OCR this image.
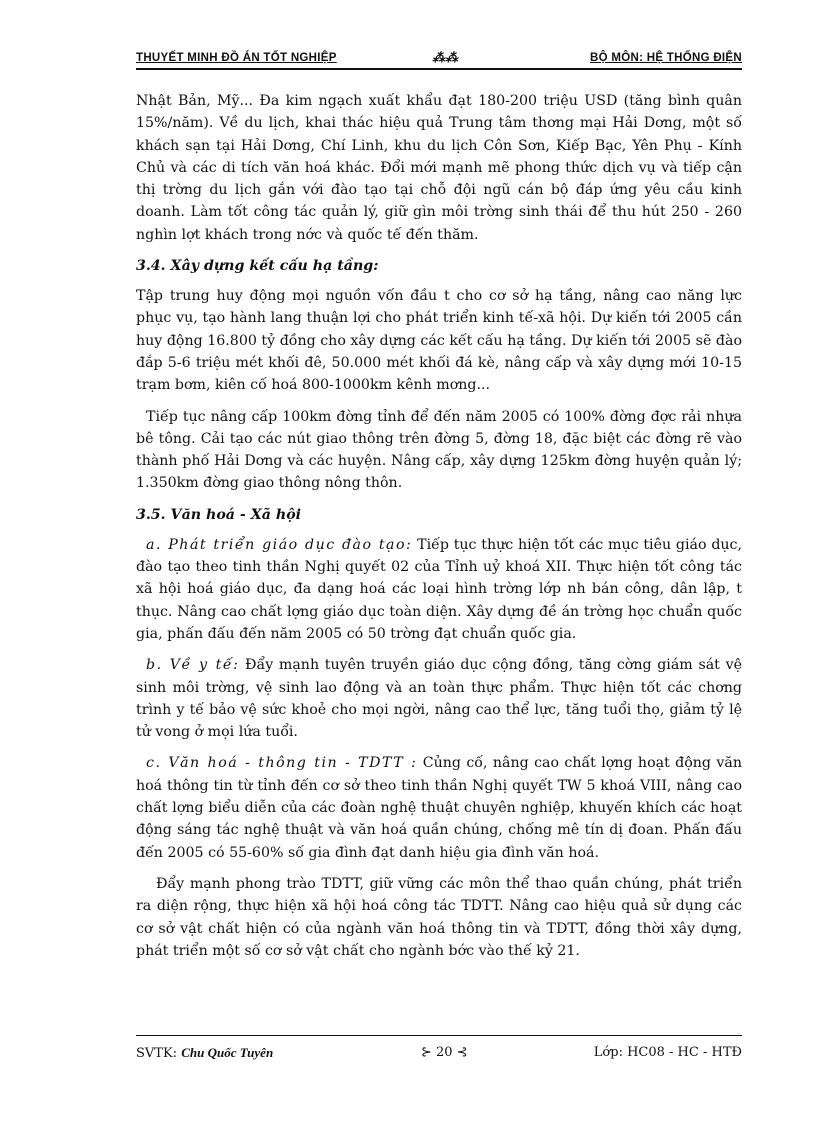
THUYẾT MINH ĐỒ ÁN TỐT NGHIỆP	⁂⁂	BỘ MÔN: HỆ THỐNG ĐIỆN

Nhật Bản, Mỹ... Đa kim ngạch xuất khẩu đạt 180-200 triệu USD (tăng bình quân 15%/năm). Về du lịch, khai thác hiệu quả Trung tâm thơng mại Hải Dơng, một số khách sạn tại Hải Dơng, Chí Linh, khu du lịch Côn Sơn, Kiếp Bạc, Yên Phụ - Kính Chủ và các di tích văn hoá khác. Đổi mới mạnh mẽ phong thức dịch vụ và tiếp cận thị trờng du lịch gắn với đào tạo tại chỗ đội ngũ cán bộ đáp ứng yêu cầu kinh doanh. Làm tốt công tác quản lý, giữ gìn môi trờng sinh thái để thu hút 250 - 260 nghìn lợt khách trong nớc và quốc tế đến thăm.

3.4. Xây dựng kết cấu hạ tầng:

Tập trung huy động mọi nguồn vốn đầu t cho cơ sở hạ tầng, nâng cao năng lực phục vụ, tạo hành lang thuận lợi cho phát triển kinh tế-xã hội. Dự kiến tới 2005 cần huy động 16.800 tỷ đồng cho xây dựng các kết cấu hạ tầng. Dự kiến tới 2005 sẽ đào đắp 5-6 triệu mét khối đê, 50.000 mét khối đá kè, nâng cấp và xây dựng mới 10-15 trạm bơm, kiên cố hoá 800-1000km kênh mơng...

Tiếp tục nâng cấp 100km đờng tỉnh để đến năm 2005 có 100% đờng đợc rải nhựa bê tông. Cải tạo các nút giao thông trên đờng 5, đờng 18, đặc biệt các đờng rẽ vào thành phố Hải Dơng và các huyện. Nâng cấp, xây dựng 125km đờng huyện quản lý; 1.350km đờng giao thông nông thôn.

3.5. Văn hoá - Xã hội

a. Phát triển giáo dục đào tạo: Tiếp tục thực hiện tốt các mục tiêu giáo dục, đào tạo theo tinh thần Nghị quyết 02 của Tỉnh uỷ khoá XII. Thực hiện tốt công tác xã hội hoá giáo dục, đa dạng hoá các loại hình trờng lớp nh bán công, dân lập, t thục. Nâng cao chất lợng giáo dục toàn diện. Xây dựng đề án trờng học chuẩn quốc gia, phấn đấu đến năm 2005 có 50 trờng đạt chuẩn quốc gia.

b. Về y tế: Đẩy mạnh tuyên truyền giáo dục cộng đồng, tăng cờng giám sát vệ sinh môi trờng, vệ sinh lao động và an toàn thực phẩm. Thực hiện tốt các chơng trình y tế bảo vệ sức khoẻ cho mọi ngời, nâng cao thể lực, tăng tuổi thọ, giảm tỷ lệ tử vong ở mọi lứa tuổi.

c. Văn hoá - thông tin - TDTT : Củng cố, nâng cao chất lợng hoạt động văn hoá thông tin từ tỉnh đến cơ sở theo tinh thần Nghị quyết TW 5 khoá VIII, nâng cao chất lợng biểu diễn của các đoàn nghệ thuật chuyên nghiệp, khuyến khích các hoạt động sáng tác nghệ thuật và văn hoá quần chúng, chống mê tín dị đoan. Phấn đấu đến 2005 có 55-60% số gia đình đạt danh hiệu gia đình văn hoá.

Đẩy mạnh phong trào TDTT, giữ vững các môn thể thao quần chúng, phát triển ra diện rộng, thực hiện xã hội hoá công tác TDTT. Nâng cao hiệu quả sử dụng các cơ sở vật chất hiện có của ngành văn hoá thông tin và TDTT, đồng thời xây dựng, phát triển một số cơ sở vật chất cho ngành bớc vào thế kỷ 21.

SVTK: Chu Quốc Tuyên	⊱ 20 ⊰	Lớp: HC08 - HC - HTĐ
